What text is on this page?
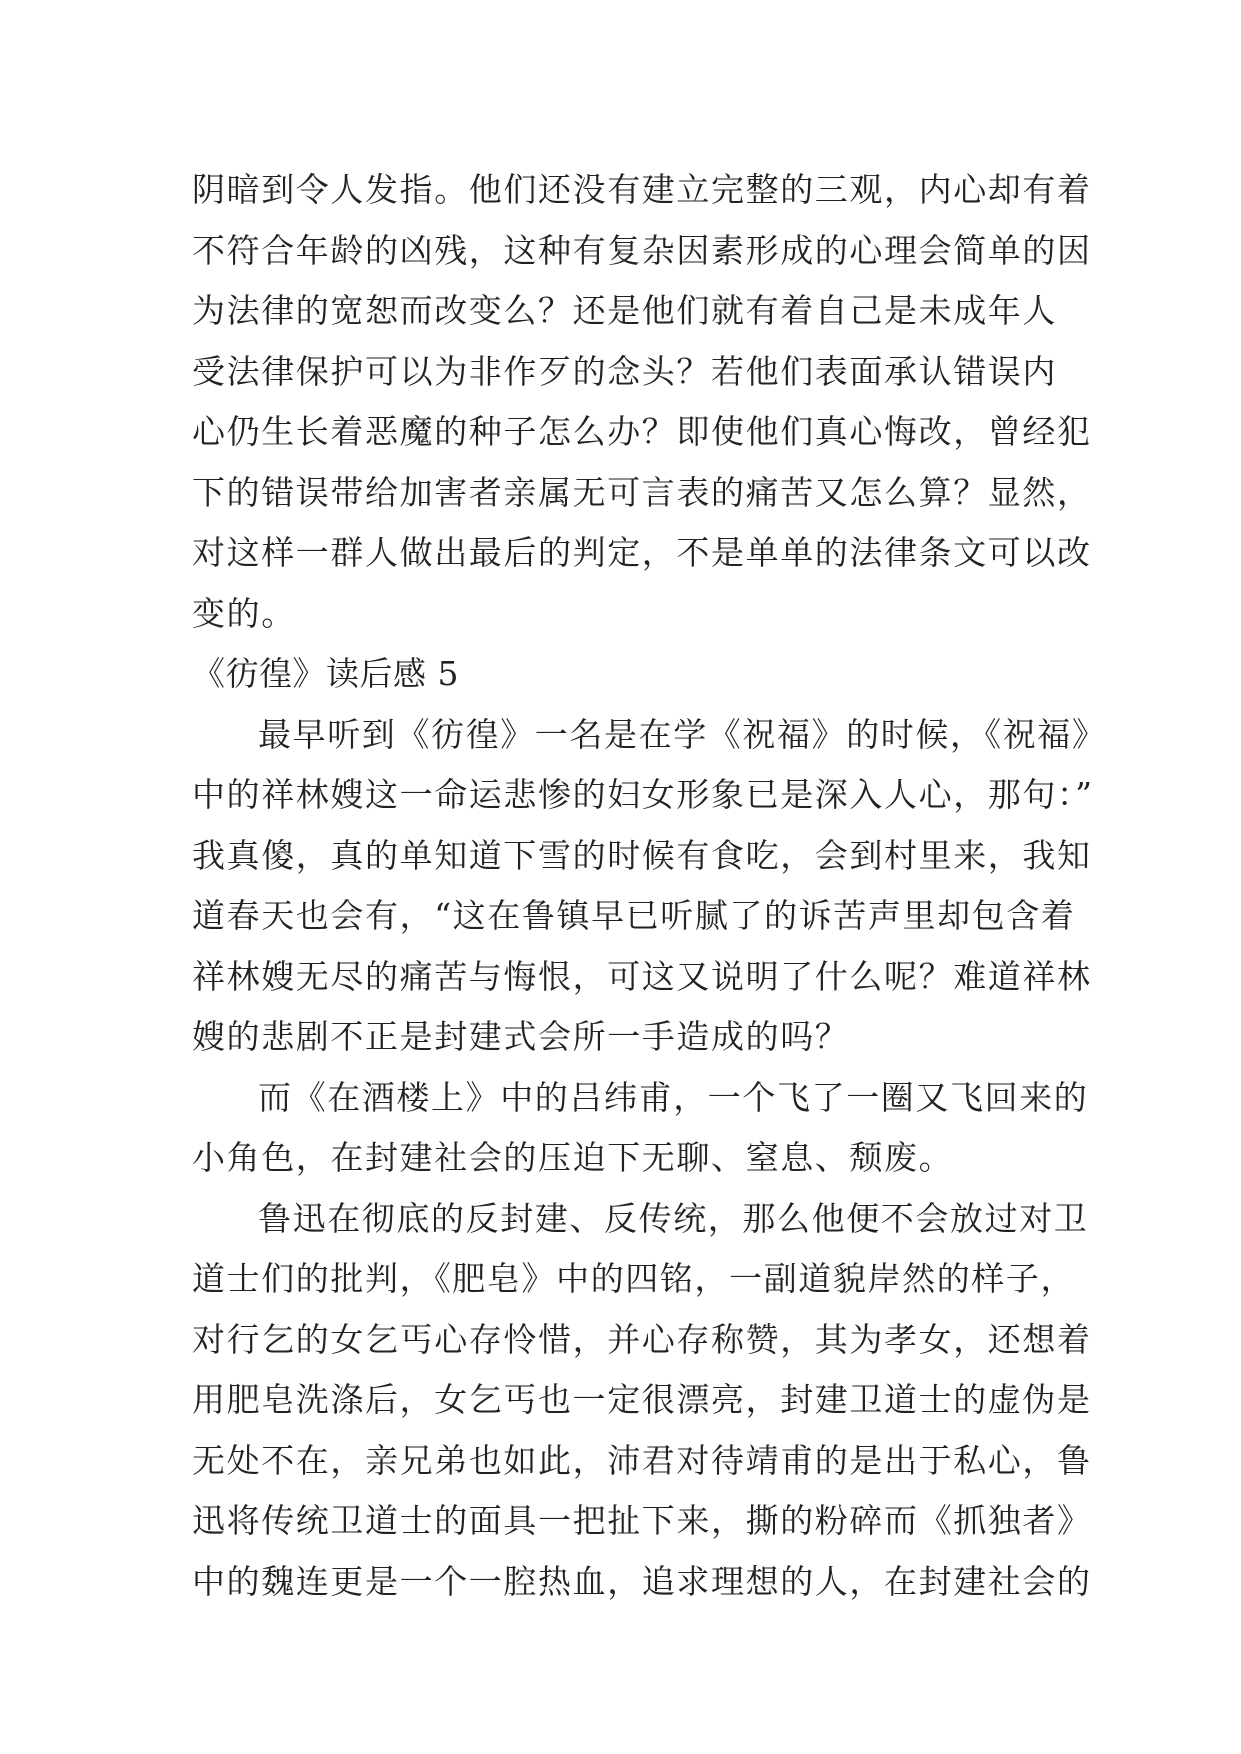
阴暗到令人发指。他们还没有建立完整的三观，内心却有着
不符合年龄的凶残，这种有复杂因素形成的心理会简单的因
为法律的宽恕而改变么？还是他们就有着自己是未成年人
受法律保护可以为非作歹的念头？若他们表面承认错误内
心仍生长着恶魔的种子怎么办？即使他们真心悔改，曾经犯
下的错误带给加害者亲属无可言表的痛苦又怎么算？显然，
对这样一群人做出最后的判定，不是单单的法律条文可以改
变的。
《彷徨》读后感 5
最早听到《彷徨》一名是在学《祝福》的时候，《祝福》
中的祥林嫂这一命运悲惨的妇女形象已是深入人心，那句：”
我真傻，真的单知道下雪的时候有食吃，会到村里来，我知
道春天也会有，“这在鲁镇早已听腻了的诉苦声里却包含着
祥林嫂无尽的痛苦与悔恨，可这又说明了什么呢？难道祥林
嫂的悲剧不正是封建式会所一手造成的吗？
而《在酒楼上》中的吕纬甫，一个飞了一圈又飞回来的
小角色，在封建社会的压迫下无聊、窒息、颓废。
鲁迅在彻底的反封建、反传统，那么他便不会放过对卫
道士们的批判，《肥皂》中的四铭，一副道貌岸然的样子，
对行乞的女乞丐心存怜惜，并心存称赞，其为孝女，还想着
用肥皂洗涤后，女乞丐也一定很漂亮，封建卫道士的虚伪是
无处不在，亲兄弟也如此，沛君对待靖甫的是出于私心，鲁
迅将传统卫道士的面具一把扯下来，撕的粉碎而《抓独者》
中的魏连更是一个一腔热血，追求理想的人，在封建社会的
